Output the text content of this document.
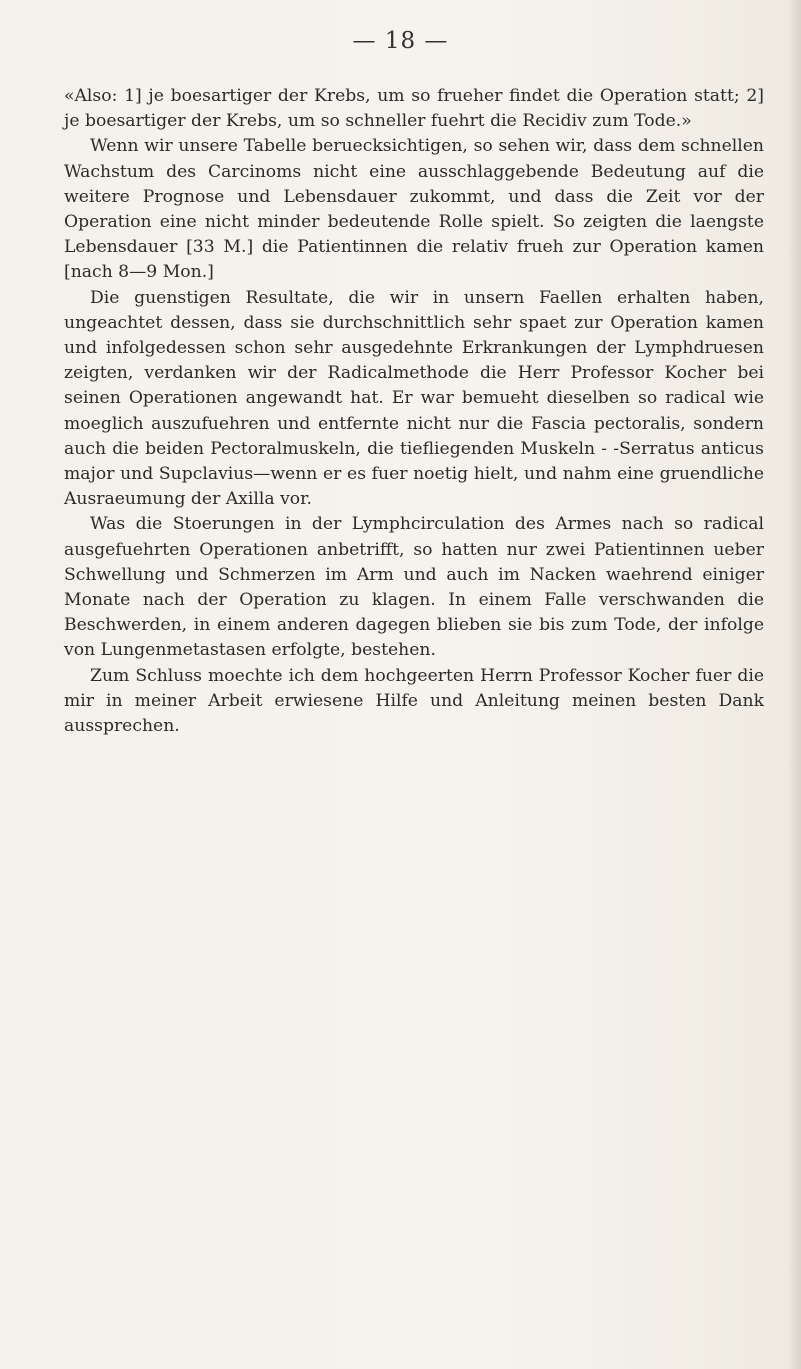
— 18 —

«Also: 1] je boesartiger der Krebs, um so frueher findet die Operation statt; 2] je boesartiger der Krebs, um so schneller fuehrt die Recidiv zum Tode.»

Wenn wir unsere Tabelle beruecksichtigen, so sehen wir, dass dem schnellen Wachstum des Carcinoms nicht eine ausschlaggebende Bedeutung auf die weitere Prognose und Lebensdauer zukommt, und dass die Zeit vor der Operation eine nicht minder bedeutende Rolle spielt. So zeigten die laengste Lebensdauer [33 M.] die Patientinnen die relativ frueh zur Operation kamen [nach 8—9 Mon.]

Die guenstigen Resultate, die wir in unsern Faellen erhalten haben, ungeachtet dessen, dass sie durchschnittlich sehr spaet zur Operation kamen und infolgedessen schon sehr ausgedehnte Erkrankungen der Lymphdruesen zeigten, verdanken wir der Radicalmethode die Herr Professor Kocher bei seinen Operationen angewandt hat. Er war bemueht dieselben so radical wie moeglich auszufuehren und entfernte nicht nur die Fascia pectoralis, sondern auch die beiden Pectoralmuskeln, die tiefliegenden Muskeln - -Serratus anticus major und Supclavius—wenn er es fuer noetig hielt, und nahm eine gruendliche Ausraeumung der Axilla vor.

Was die Stoerungen in der Lymphcirculation des Armes nach so radical ausgefuehrten Operationen anbetrifft, so hatten nur zwei Patientinnen ueber Schwellung und Schmerzen im Arm und auch im Nacken waehrend einiger Monate nach der Operation zu klagen. In einem Falle verschwanden die Beschwerden, in einem anderen dagegen blieben sie bis zum Tode, der infolge von Lungenmetastasen erfolgte, bestehen.

Zum Schluss moechte ich dem hochgeerten Herrn Professor Kocher fuer die mir in meiner Arbeit erwiesene Hilfe und Anleitung meinen besten Dank aussprechen.
